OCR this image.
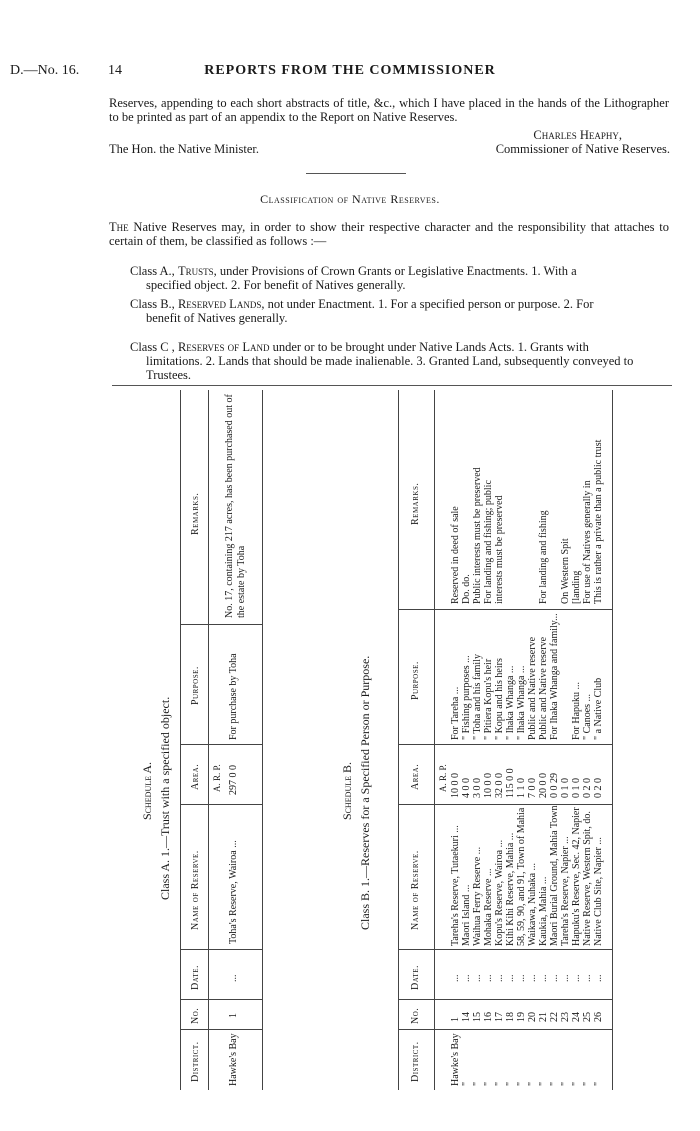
D.—No. 16. 14	REPORTS FROM THE COMMISSIONER
Reserves, appending to each short abstracts of title, &c., which I have placed in the hands of the Lithographer to be printed as part of an appendix to the Report on Native Reserves.
Charles Heaphy,
Commissioner of Native Reserves.
The Hon. the Native Minister.
Classification of Native Reserves.
The Native Reserves may, in order to show their respective character and the responsibility that attaches to certain of them, be classified as follows :—
Class A., Trusts, under Provisions of Crown Grants or Legislative Enactments. 1. With a
specified object. 2. For benefit of Natives generally.
Class B., Reserved Lands, not under Enactment. 1. For a specified person or purpose. 2. For
benefit of Natives generally.
Class C , Reserves of Land under or to be brought under Native Lands Acts. 1. Grants with
limitations. 2. Lands that should be made inalienable. 3. Granted Land, subsequently conveyed to Trustees.
Schedule A. Class A. 1.—Trust with a specified object.
District.
No.
Date.
Name of Reserve.
Area.
Purpose.
Remarks.
A. R. P.
Hawke's Bay
1
...
Toha's Reserve, Wairoa ...
297 0 0
For purchase by Toha
No. 17, containing 217 acres, has been purchased out of the estate by Toha
Schedule B. Class B. 1.—Reserves for a Specified Person or Purpose.
District.
No.
Date.
Name of Reserve.
Area.
Purpose.
Remarks.
A. R. P.
Hawke's Bay
1
...
Tareha's Reserve, Tutaekuri ...
10 0 0
For Tareha ...
Reserved in deed of sale
"
14
...
Maori Island ...
4 0 0
" Fishing purposes ...
Do. do.
"
15
...
Waihua Ferry Reserve ...
3 0 0
" Toha and his family
Public interests must be preserved
"
16
...
Mohaka Reserve ...
10 0 0
" Pitiera Kopu's heir
For landing and fishing; public
"
17
...
Kopu's Reserve, Wairoa ...
32 0 0
" Kopu and his heirs
interests must be preserved
"
18
...
Kihi Kihi Reserve, Mahia ...
115 0 0
" Ihaka Whanga ...
"
19
...
58, 59, 90, and 91, Town of Mahia
1 1 0
" Ihaka Whanga ...
"
20
...
Waikawa, Nuhaka ...
7 0 0
Public and Native reserve
"
21
...
Kaukia, Mahia ...
20 0 0
Public and Native reserve
For landing and fishing
"
22
...
Maori Burial Ground, Mahia Town
0 0 29
For Ihaka Whanga and family...
"
23
...
Tareha's Reserve, Napier ...
0 1 0
On Western Spit
"
24
...
Hapuku's Reserve, Sec. 42, Napier
0 1 0
For Hapuku ...
[landing
"
25
...
Native Reserve, Western Spit, do.
0 2 0
" Canoes ...
For use of Natives generally in
"
26
...
Native Club Site, Napier ...
0 2 0
" a Native Club
This is rather a private than a public trust
